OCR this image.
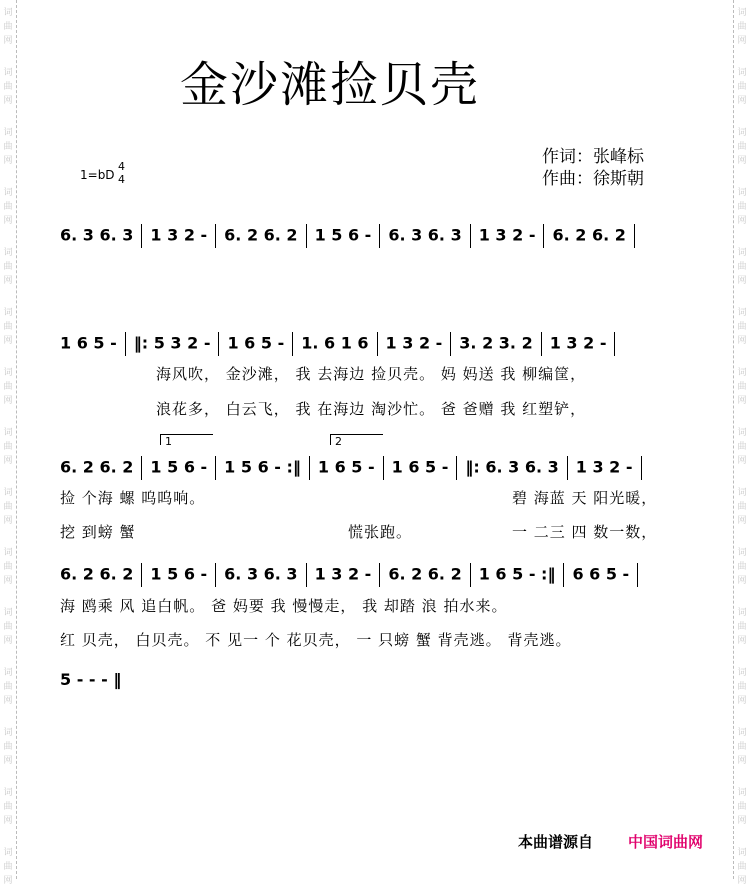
词
曲
网
词
曲
网
词
曲
网
词
曲
网
词
曲
网
词
曲
网
词
曲
网
词
曲
网
词
曲
网
词
曲
网
词
曲
网
词
曲
网
词
曲
网
词
曲
网
词
曲
网
词
曲
网
词
曲
网
词
曲
网
词
曲
网
词
曲
网
词
曲
网
词
曲
网
词
曲
网
词
曲
网
词
曲
网
词
曲
网
词
曲
网
词
曲
网
词
曲
网
词
曲
网
金沙滩捡贝壳
作词：张峰标
作曲：徐斯朝
1=bD
4
4
6. 3 6. 3 1 3 2 - 6. 2 6. 2 1 5 6 - 6. 3 6. 3 1 3 2 - 6. 2 6. 2
1 6 5 - ‖: 5 3 2 - 1 6 5 - 1. 6 1 6 1 3 2 - 3. 2 3. 2 1 3 2 -
6. 2 6. 2 1 5 6 - 1 5 6 - :‖ 1 6 5 - 1 6 5 - ‖: 6. 3 6. 3 1 3 2 -
6. 2 6. 2 1 5 6 - 6. 3 6. 3 1 3 2 - 6. 2 6. 2 1 6 5 - :‖ 6 6 5 -
5 - - - ‖
1	2
海风吹， 金沙滩， 我 去海边 捡贝壳。 妈 妈送 我 柳编筐，
浪花多， 白云飞， 我 在海边 淘沙忙。 爸 爸赠 我 红塑铲，
捡 个海 螺 呜呜响。	碧 海蓝 天 阳光暖，
挖 到螃 蟹	慌张跑。	一 二三 四 数一数，
海 鸥乘 风 追白帆。 爸 妈要 我 慢慢走， 我 却踏 浪 拍水来。
红 贝壳， 白贝壳。 不 见一 个 花贝壳， 一 只螃 蟹 背壳逃。 背壳逃。
本曲谱源自 中国词曲网
